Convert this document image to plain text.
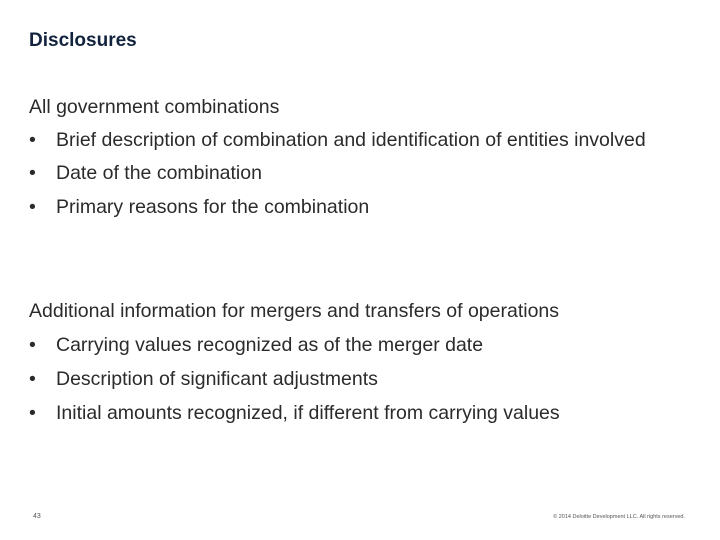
Disclosures
All government combinations
• Brief description of combination and identification of entities involved
• Date of the combination
• Primary reasons for the combination
Additional information for mergers and transfers of operations
• Carrying values recognized as of the merger date
• Description of significant adjustments
• Initial amounts recognized, if different from carrying values
43	© 2014 Deloitte Development LLC. All rights reserved.
